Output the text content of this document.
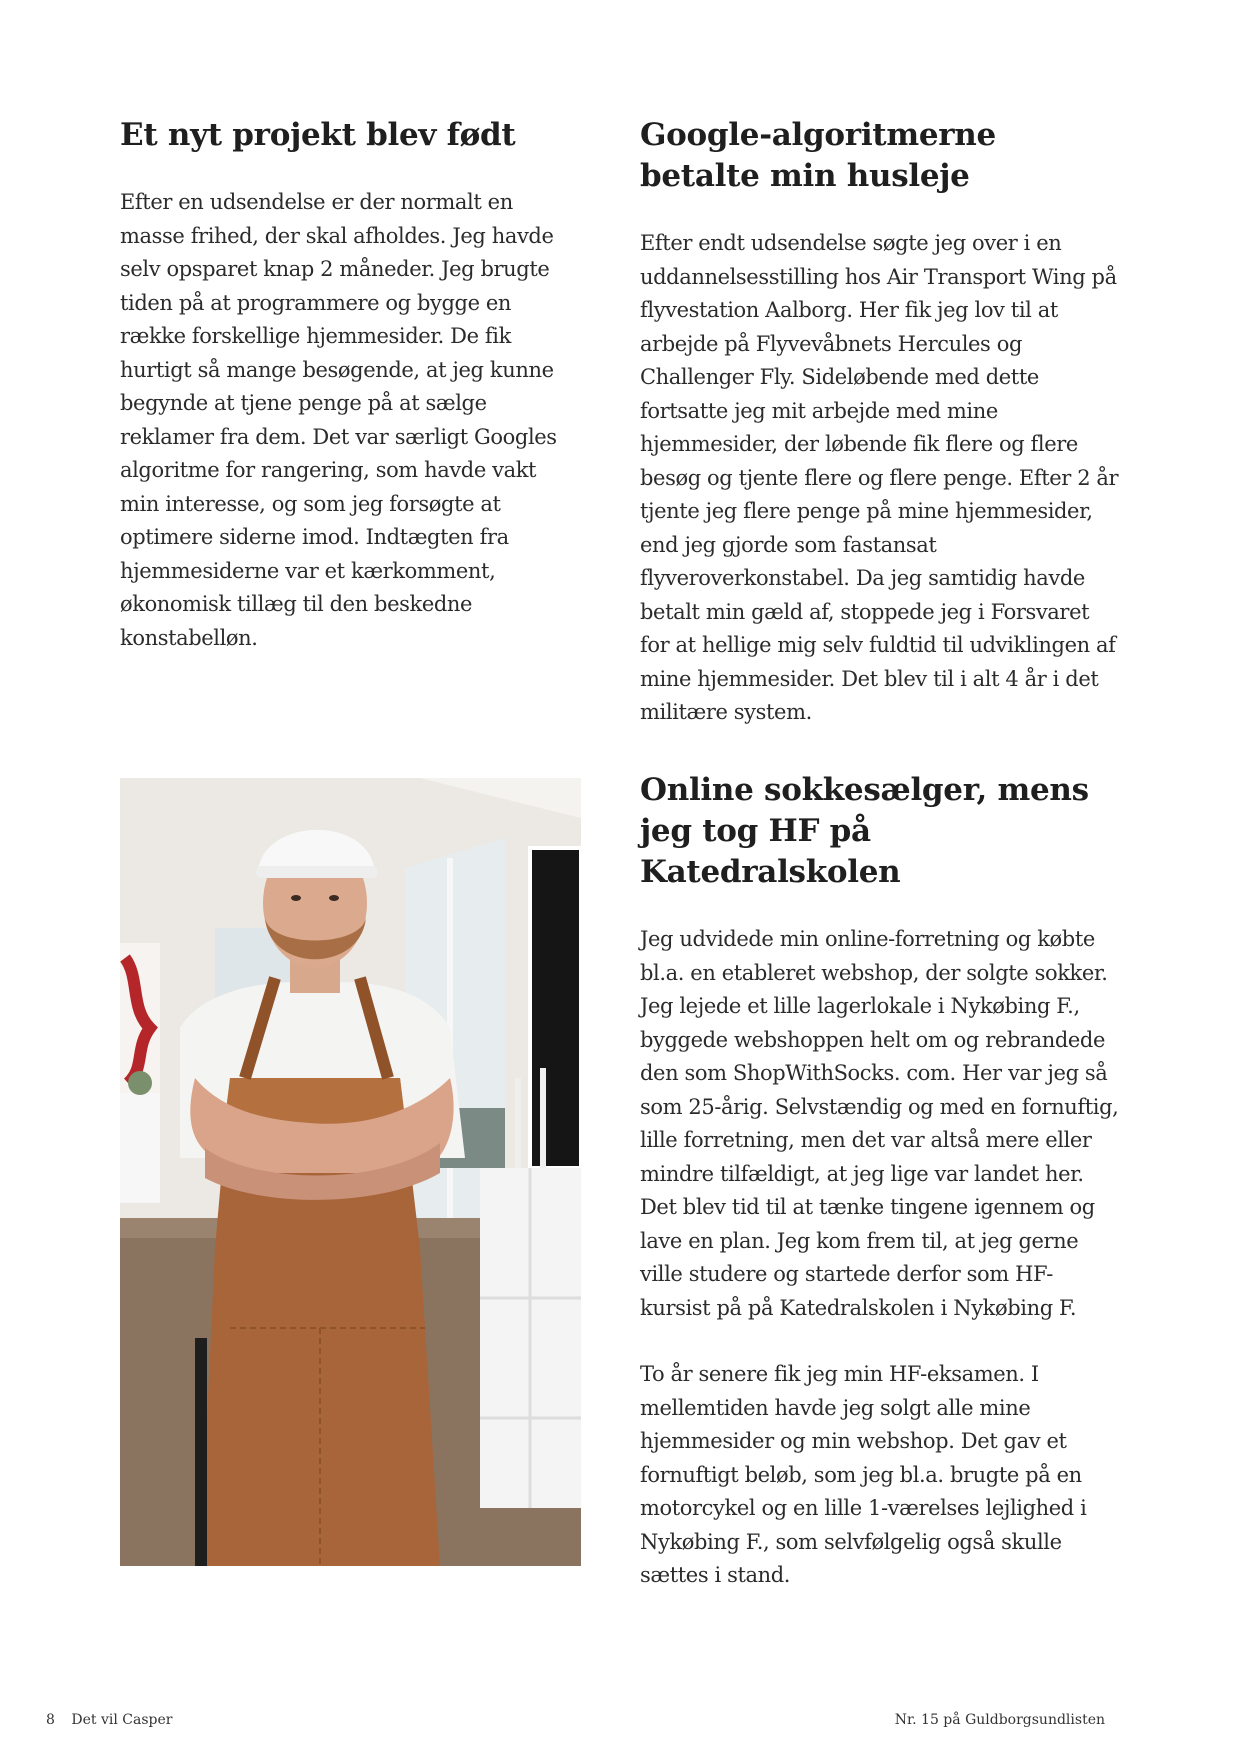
Et nyt projekt blev født

Efter en udsendelse er der normalt en masse frihed, der skal afholdes. Jeg havde selv opsparet knap 2 måneder. Jeg brugte tiden på at programmere og bygge en række forskellige hjemmesider. De fik hurtigt så mange besøgende, at jeg kunne begynde at tjene penge på at sælge reklamer fra dem. Det var særligt Googles algoritme for rangering, som havde vakt min interesse, og som jeg forsøgte at optimere siderne imod. Indtægten fra hjemmesiderne var et kærkomment, økonomisk tillæg til den beskedne konstabelløn.

Google-algoritmerne betalte min husleje

Efter endt udsendelse søgte jeg over i en uddannelsesstilling hos Air Transport Wing på flyvestation Aalborg. Her fik jeg lov til at arbejde på Flyvevåbnets Hercules og Challenger Fly. Sideløbende med dette fortsatte jeg mit arbejde med mine hjemmesider, der løbende fik flere og flere besøg og tjente flere og flere penge. Efter 2 år tjente jeg flere penge på mine hjemmesider, end jeg gjorde som fastansat flyveroverkonstabel. Da jeg samtidig havde betalt min gæld af, stoppede jeg i Forsvaret for at hellige mig selv fuldtid til udviklingen af mine hjemmesider. Det blev til i alt 4 år i det militære system.

Online sokkesælger, mens jeg tog HF på Katedralskolen

Jeg udvidede min online-forretning og købte bl.a. en etableret webshop, der solgte sokker. Jeg lejede et lille lagerlokale i Nykøbing F., byggede webshoppen helt om og rebrandede den som ShopWithSocks. com. Her var jeg så som 25-årig. Selvstændig og med en fornuftig, lille forretning, men det var altså mere eller mindre tilfældigt, at jeg lige var landet her. Det blev tid til at tænke tingene igennem og lave en plan. Jeg kom frem til, at jeg gerne ville studere og startede derfor som HF-kursist på på Katedralskolen i Nykøbing F.

To år senere fik jeg min HF-eksamen. I mellemtiden havde jeg solgt alle mine hjemmesider og min webshop. Det gav et fornuftigt beløb, som jeg bl.a. brugte på en motorcykel og en lille 1-værelses lejlighed i Nykøbing F., som selvfølgelig også skulle sættes i stand.

8 Det vil Casper	Nr. 15 på Guldborgsundlisten
